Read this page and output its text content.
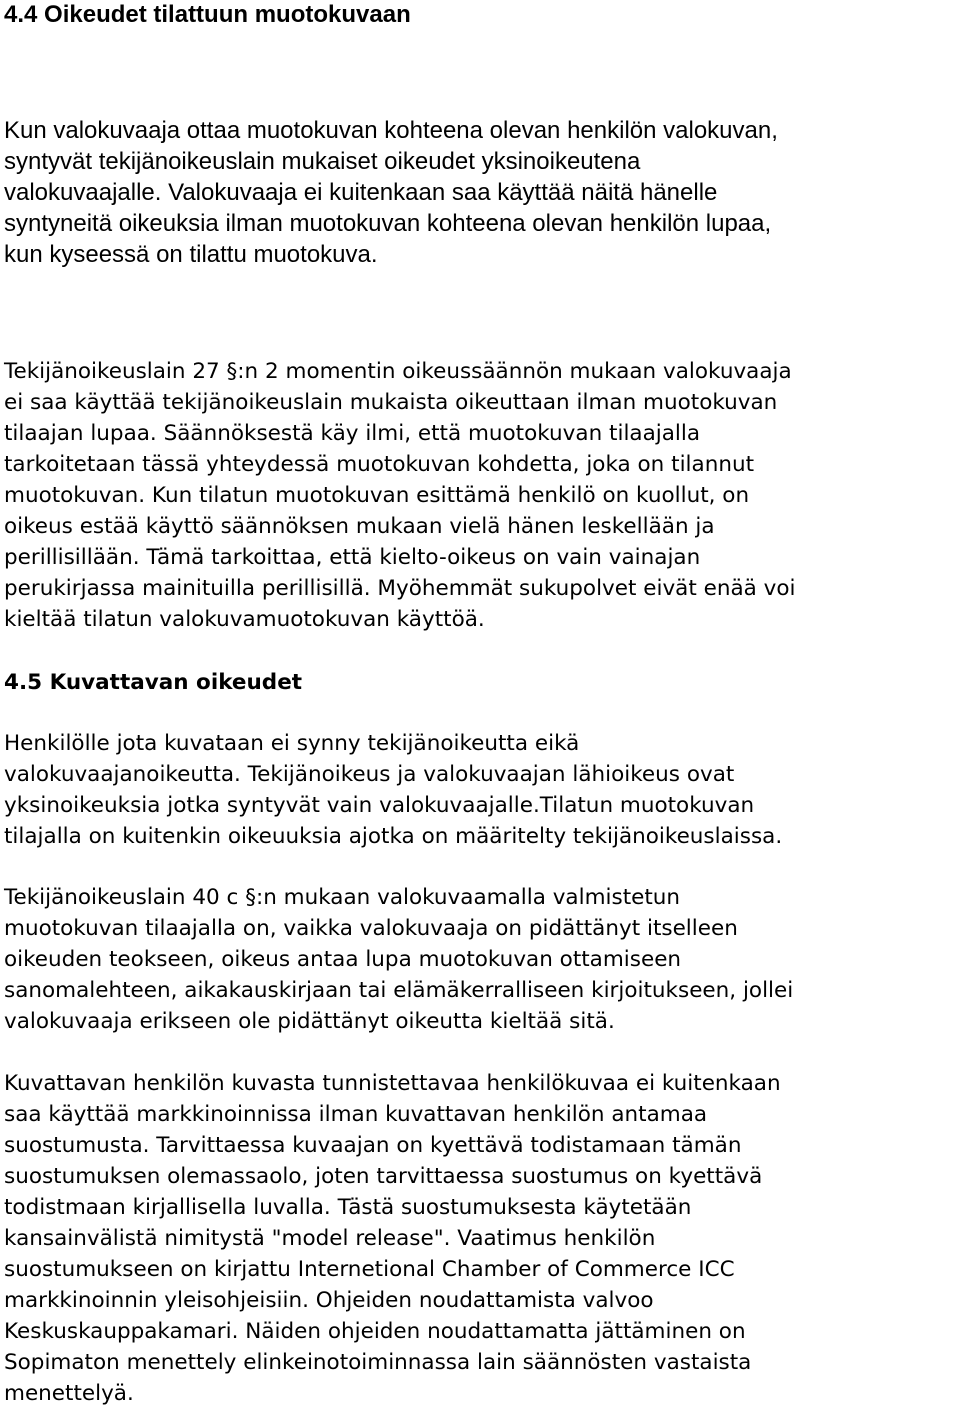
4.4 Oikeudet tilattuun muotokuvaan

Kun valokuvaaja ottaa muotokuvan kohteena olevan henkilön valokuvan,
syntyvät tekijänoikeuslain mukaiset oikeudet yksinoikeutena
valokuvaajalle. Valokuvaaja ei kuitenkaan saa käyttää näitä hänelle
syntyneitä oikeuksia ilman muotokuvan kohteena olevan henkilön lupaa,
kun kyseessä on tilattu muotokuva.

Tekijänoikeuslain 27 §:n 2 momentin oikeussäännön mukaan valokuvaaja
ei saa käyttää tekijänoikeuslain mukaista oikeuttaan ilman muotokuvan
tilaajan lupaa. Säännöksestä käy ilmi, että muotokuvan tilaajalla
tarkoitetaan tässä yhteydessä muotokuvan kohdetta, joka on tilannut
muotokuvan. Kun tilatun muotokuvan esittämä henkilö on kuollut, on
oikeus estää käyttö säännöksen mukaan vielä hänen leskellään ja
perillisillään. Tämä tarkoittaa, että kielto-oikeus on vain vainajan
perukirjassa mainituilla perillisillä. Myöhemmät sukupolvet eivät enää voi
kieltää tilatun valokuvamuotokuvan käyttöä.

4.5 Kuvattavan oikeudet

Henkilölle jota kuvataan ei synny tekijänoikeutta eikä
valokuvaajanoikeutta. Tekijänoikeus ja valokuvaajan lähioikeus ovat
yksinoikeuksia jotka syntyvät vain valokuvaajalle.Tilatun muotokuvan
tilajalla on kuitenkin oikeuuksia ajotka on määritelty tekijänoikeuslaissa.

Tekijänoikeuslain 40 c §:n mukaan valokuvaamalla valmistetun
muotokuvan tilaajalla on, vaikka valokuvaaja on pidättänyt itselleen
oikeuden teokseen, oikeus antaa lupa muotokuvan ottamiseen
sanomalehteen, aikakauskirjaan tai elämäkerralliseen kirjoitukseen, jollei
valokuvaaja erikseen ole pidättänyt oikeutta kieltää sitä.

Kuvattavan henkilön kuvasta tunnistettavaa henkilökuvaa ei kuitenkaan
saa käyttää markkinoinnissa ilman kuvattavan henkilön antamaa
suostumusta. Tarvittaessa kuvaajan on kyettävä todistamaan tämän
suostumuksen olemassaolo, joten tarvittaessa suostumus on kyettävä
todistmaan kirjallisella luvalla. Tästä suostumuksesta käytetään
kansainvälistä nimitystä "model release". Vaatimus henkilön
suostumukseen on kirjattu Internetional Chamber of Commerce ICC
markkinoinnin yleisohjeisiin. Ohjeiden noudattamista valvoo
Keskuskauppakamari. Näiden ohjeiden noudattamatta jättäminen on
Sopimaton menettely elinkeinotoiminnassa lain säännösten vastaista
menettelyä.
